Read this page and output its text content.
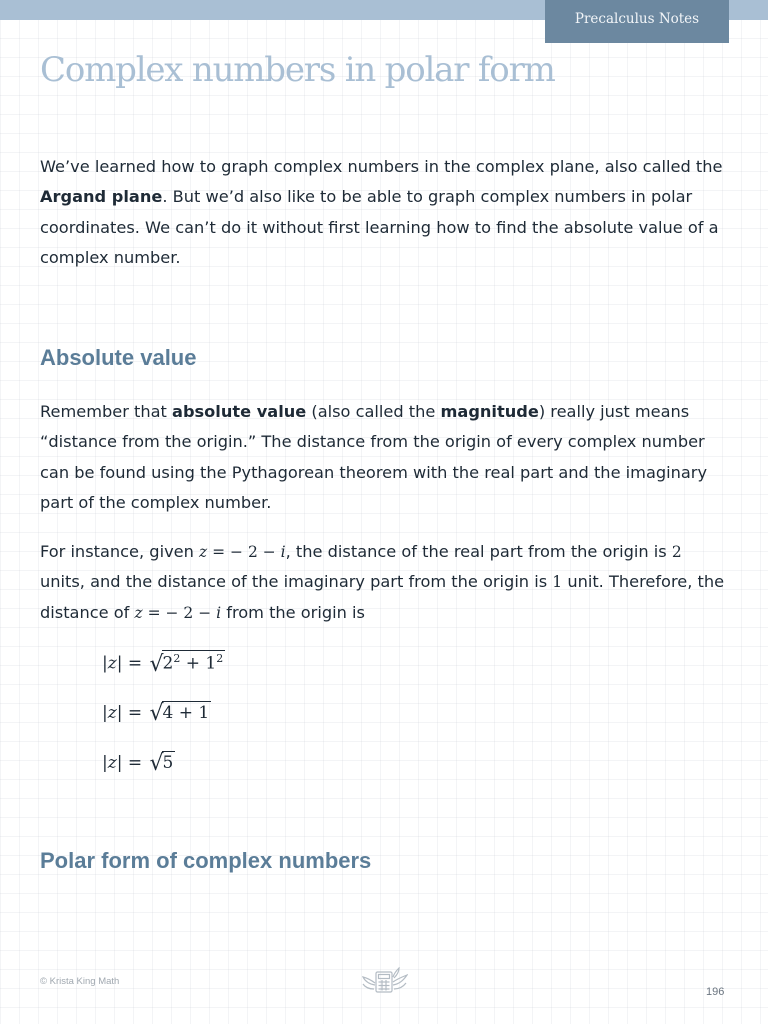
Precalculus Notes
Complex numbers in polar form

We’ve learned how to graph complex numbers in the complex plane, also called the Argand plane. But we’d also like to be able to graph complex numbers in polar coordinates. We can’t do it without first learning how to find the absolute value of a complex number.

Absolute value

Remember that absolute value (also called the magnitude) really just means “distance from the origin.” The distance from the origin of every complex number can be found using the Pythagorean theorem with the real part and the imaginary part of the complex number.

For instance, given z = − 2 − i, the distance of the real part from the origin is 2 units, and the distance of the imaginary part from the origin is 1 unit. Therefore, the distance of z = − 2 − i from the origin is

$|z| = √2^2 + 1^2$
|z| = √4 + 1
|z| = √5
Polar form of complex numbers
© Krista King Math
196
